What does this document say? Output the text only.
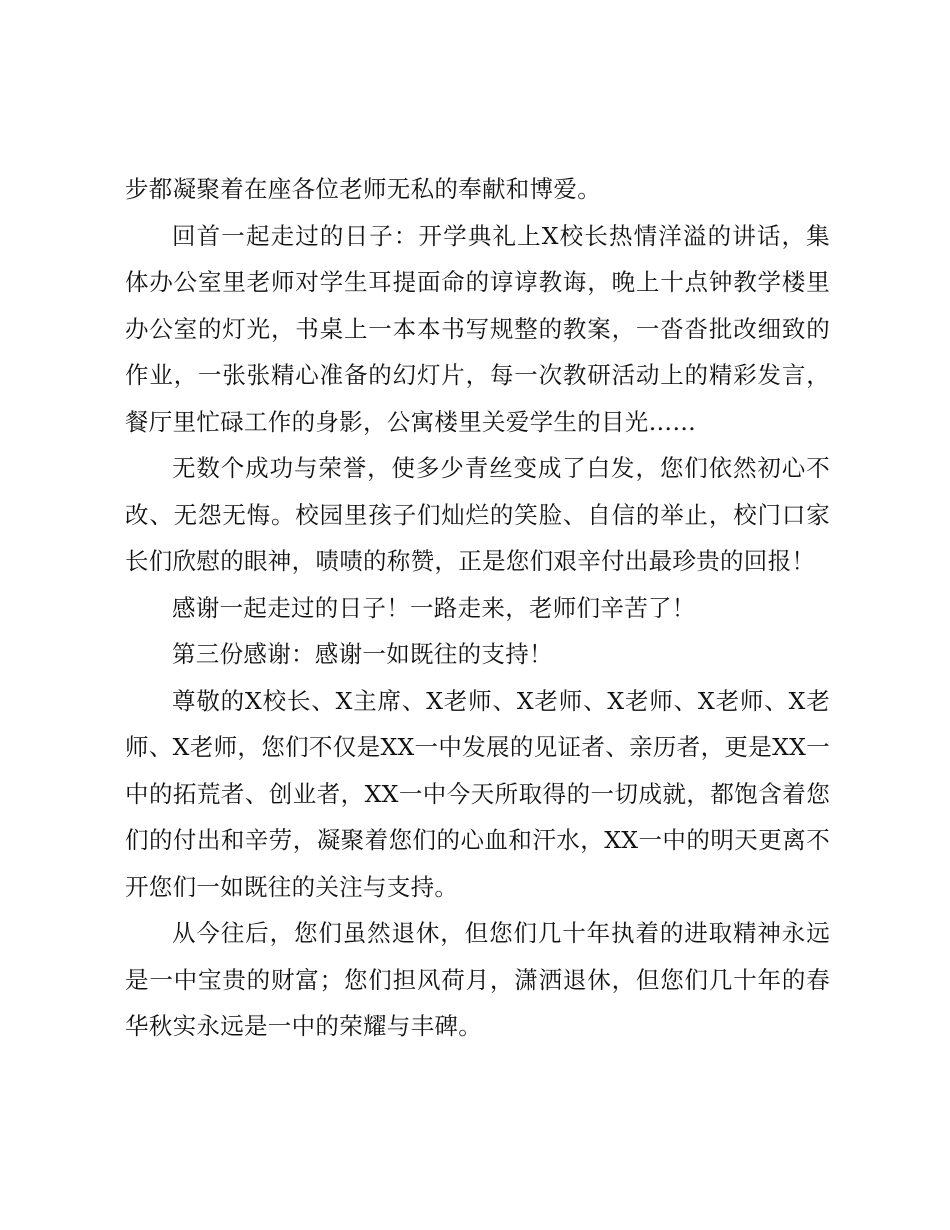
步都凝聚着在座各位老师无私的奉献和博爱。

回首一起走过的日子：开学典礼上X校长热情洋溢的讲话，集体办公室里老师对学生耳提面命的谆谆教诲，晚上十点钟教学楼里办公室的灯光，书桌上一本本书写规整的教案，一沓沓批改细致的作业，一张张精心准备的幻灯片，每一次教研活动上的精彩发言，餐厅里忙碌工作的身影，公寓楼里关爱学生的目光……

无数个成功与荣誉，使多少青丝变成了白发，您们依然初心不改、无怨无悔。校园里孩子们灿烂的笑脸、自信的举止，校门口家长们欣慰的眼神，啧啧的称赞，正是您们艰辛付出最珍贵的回报！

感谢一起走过的日子！一路走来，老师们辛苦了！

第三份感谢：感谢一如既往的支持！

尊敬的X校长、X主席、X老师、X老师、X老师、X老师、X老师、X老师，您们不仅是XX一中发展的见证者、亲历者，更是XX一中的拓荒者、创业者，XX一中今天所取得的一切成就，都饱含着您们的付出和辛劳，凝聚着您们的心血和汗水，XX一中的明天更离不开您们一如既往的关注与支持。

从今往后，您们虽然退休，但您们几十年执着的进取精神永远是一中宝贵的财富；您们担风荷月，潇洒退休，但您们几十年的春华秋实永远是一中的荣耀与丰碑。
